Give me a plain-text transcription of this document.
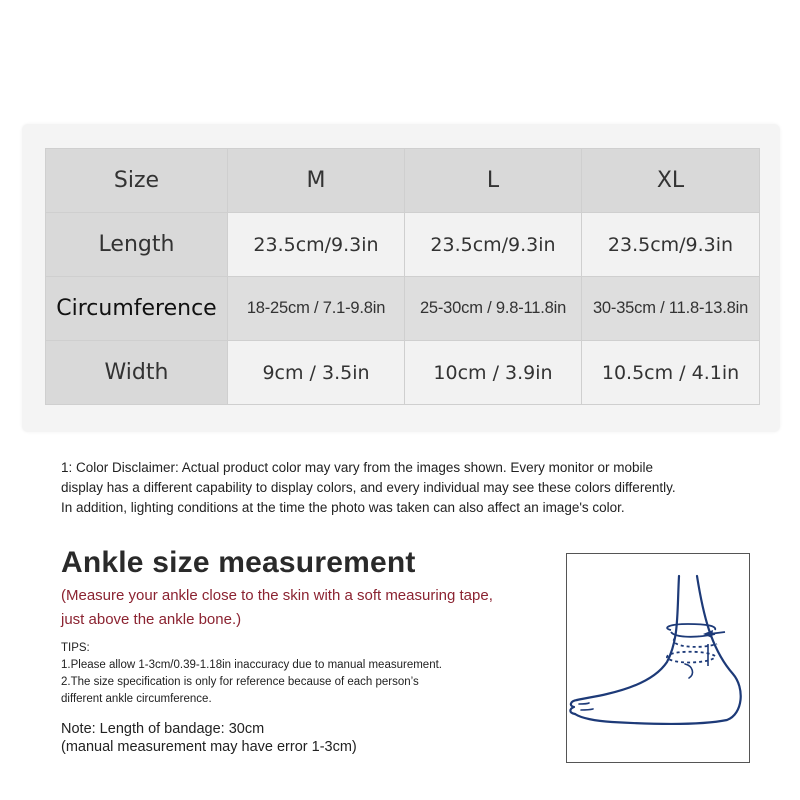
Size	M	L	XL
Length	23.5cm/9.3in	23.5cm/9.3in	23.5cm/9.3in
Circumference	18-25cm / 7.1-9.8in	25-30cm / 9.8-11.8in	30-35cm / 11.8-13.8in
Width	9cm / 3.5in	10cm / 3.9in	10.5cm / 4.1in
1: Color Disclaimer: Actual product color may vary from the images shown. Every monitor or mobile
display has a different capability to display colors, and every individual may see these colors differently.
In addition, lighting conditions at the time the photo was taken can also affect an image's color.
Ankle size measurement
(Measure your ankle close to the skin with a soft measuring tape,
just above the ankle bone.)
TIPS:
1.Please allow 1-3cm/0.39-1.18in inaccuracy due to manual measurement.
2.The size specification is only for reference because of each person’s
different ankle circumference.
Note: Length of bandage: 30cm
(manual measurement may have error 1-3cm)
